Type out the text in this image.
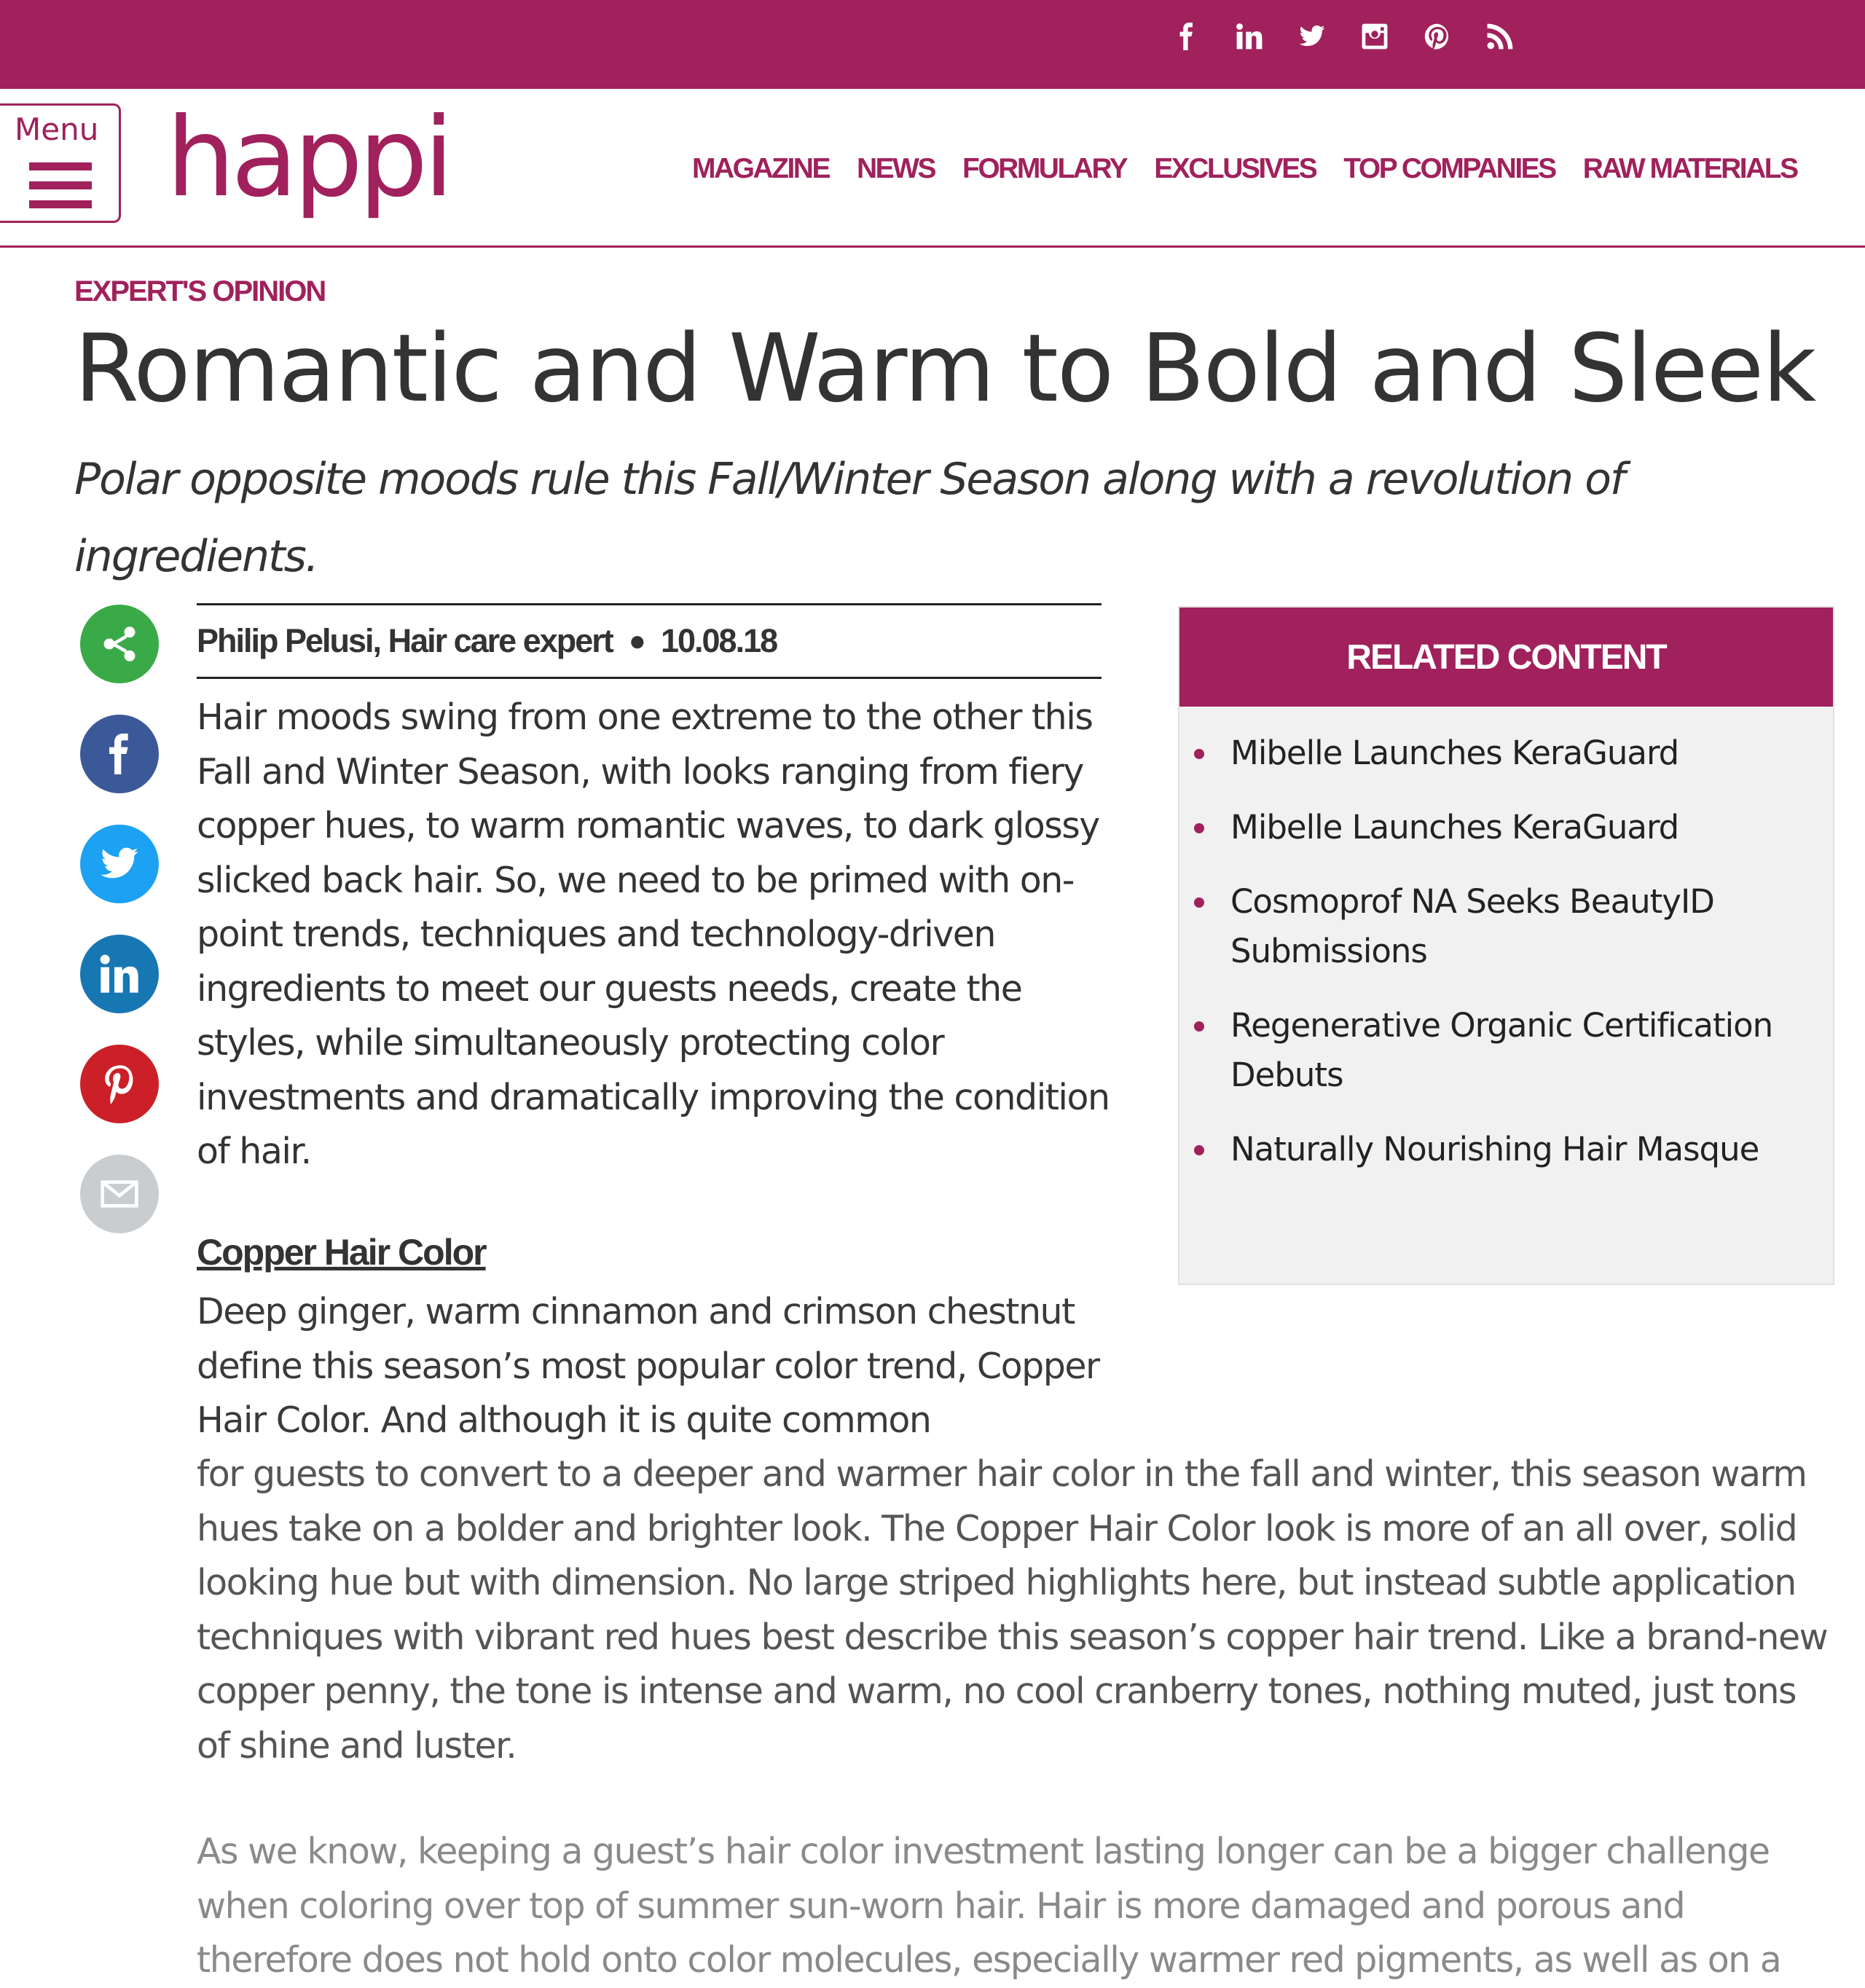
Menu happi	MAGAZINE NEWS FORMULARY EXCLUSIVES TOP COMPANIES RAW MATERIALS
EXPERT'S OPINION
Romantic and Warm to Bold and Sleek

Polar opposite moods rule this Fall/Winter Season along with a revolution of ingredients.

Philip Pelusi, Hair care expert ● 10.08.18

Hair moods swing from one extreme to the other this Fall and Winter Season, with looks ranging from fiery copper hues, to warm romantic waves, to dark glossy slicked back hair. So, we need to be primed with on-point trends, techniques and technology-driven ingredients to meet our guests needs, create the styles, while simultaneously protecting color investments and dramatically improving the condition of hair.

Copper Hair Color

Deep ginger, warm cinnamon and crimson chestnut define this season’s most popular color trend, Copper Hair Color. And although it is quite common

for guests to convert to a deeper and warmer hair color in the fall and winter, this season warm hues take on a bolder and brighter look. The Copper Hair Color look is more of an all over, solid looking hue but with dimension. No large striped highlights here, but instead subtle application techniques with vibrant red hues best describe this season’s copper hair trend. Like a brand-new copper penny, the tone is intense and warm, no cool cranberry tones, nothing muted, just tons of shine and luster.

As we know, keeping a guest’s hair color investment lasting longer can be a bigger challenge when coloring over top of summer sun-worn hair. Hair is more damaged and porous and therefore does not hold onto color molecules, especially warmer red pigments, as well as on a

RELATED CONTENT
Mibelle Launches KeraGuard
Mibelle Launches KeraGuard
Cosmoprof NA Seeks BeautyID Submissions
Regenerative Organic Certification Debuts
Naturally Nourishing Hair Masque
